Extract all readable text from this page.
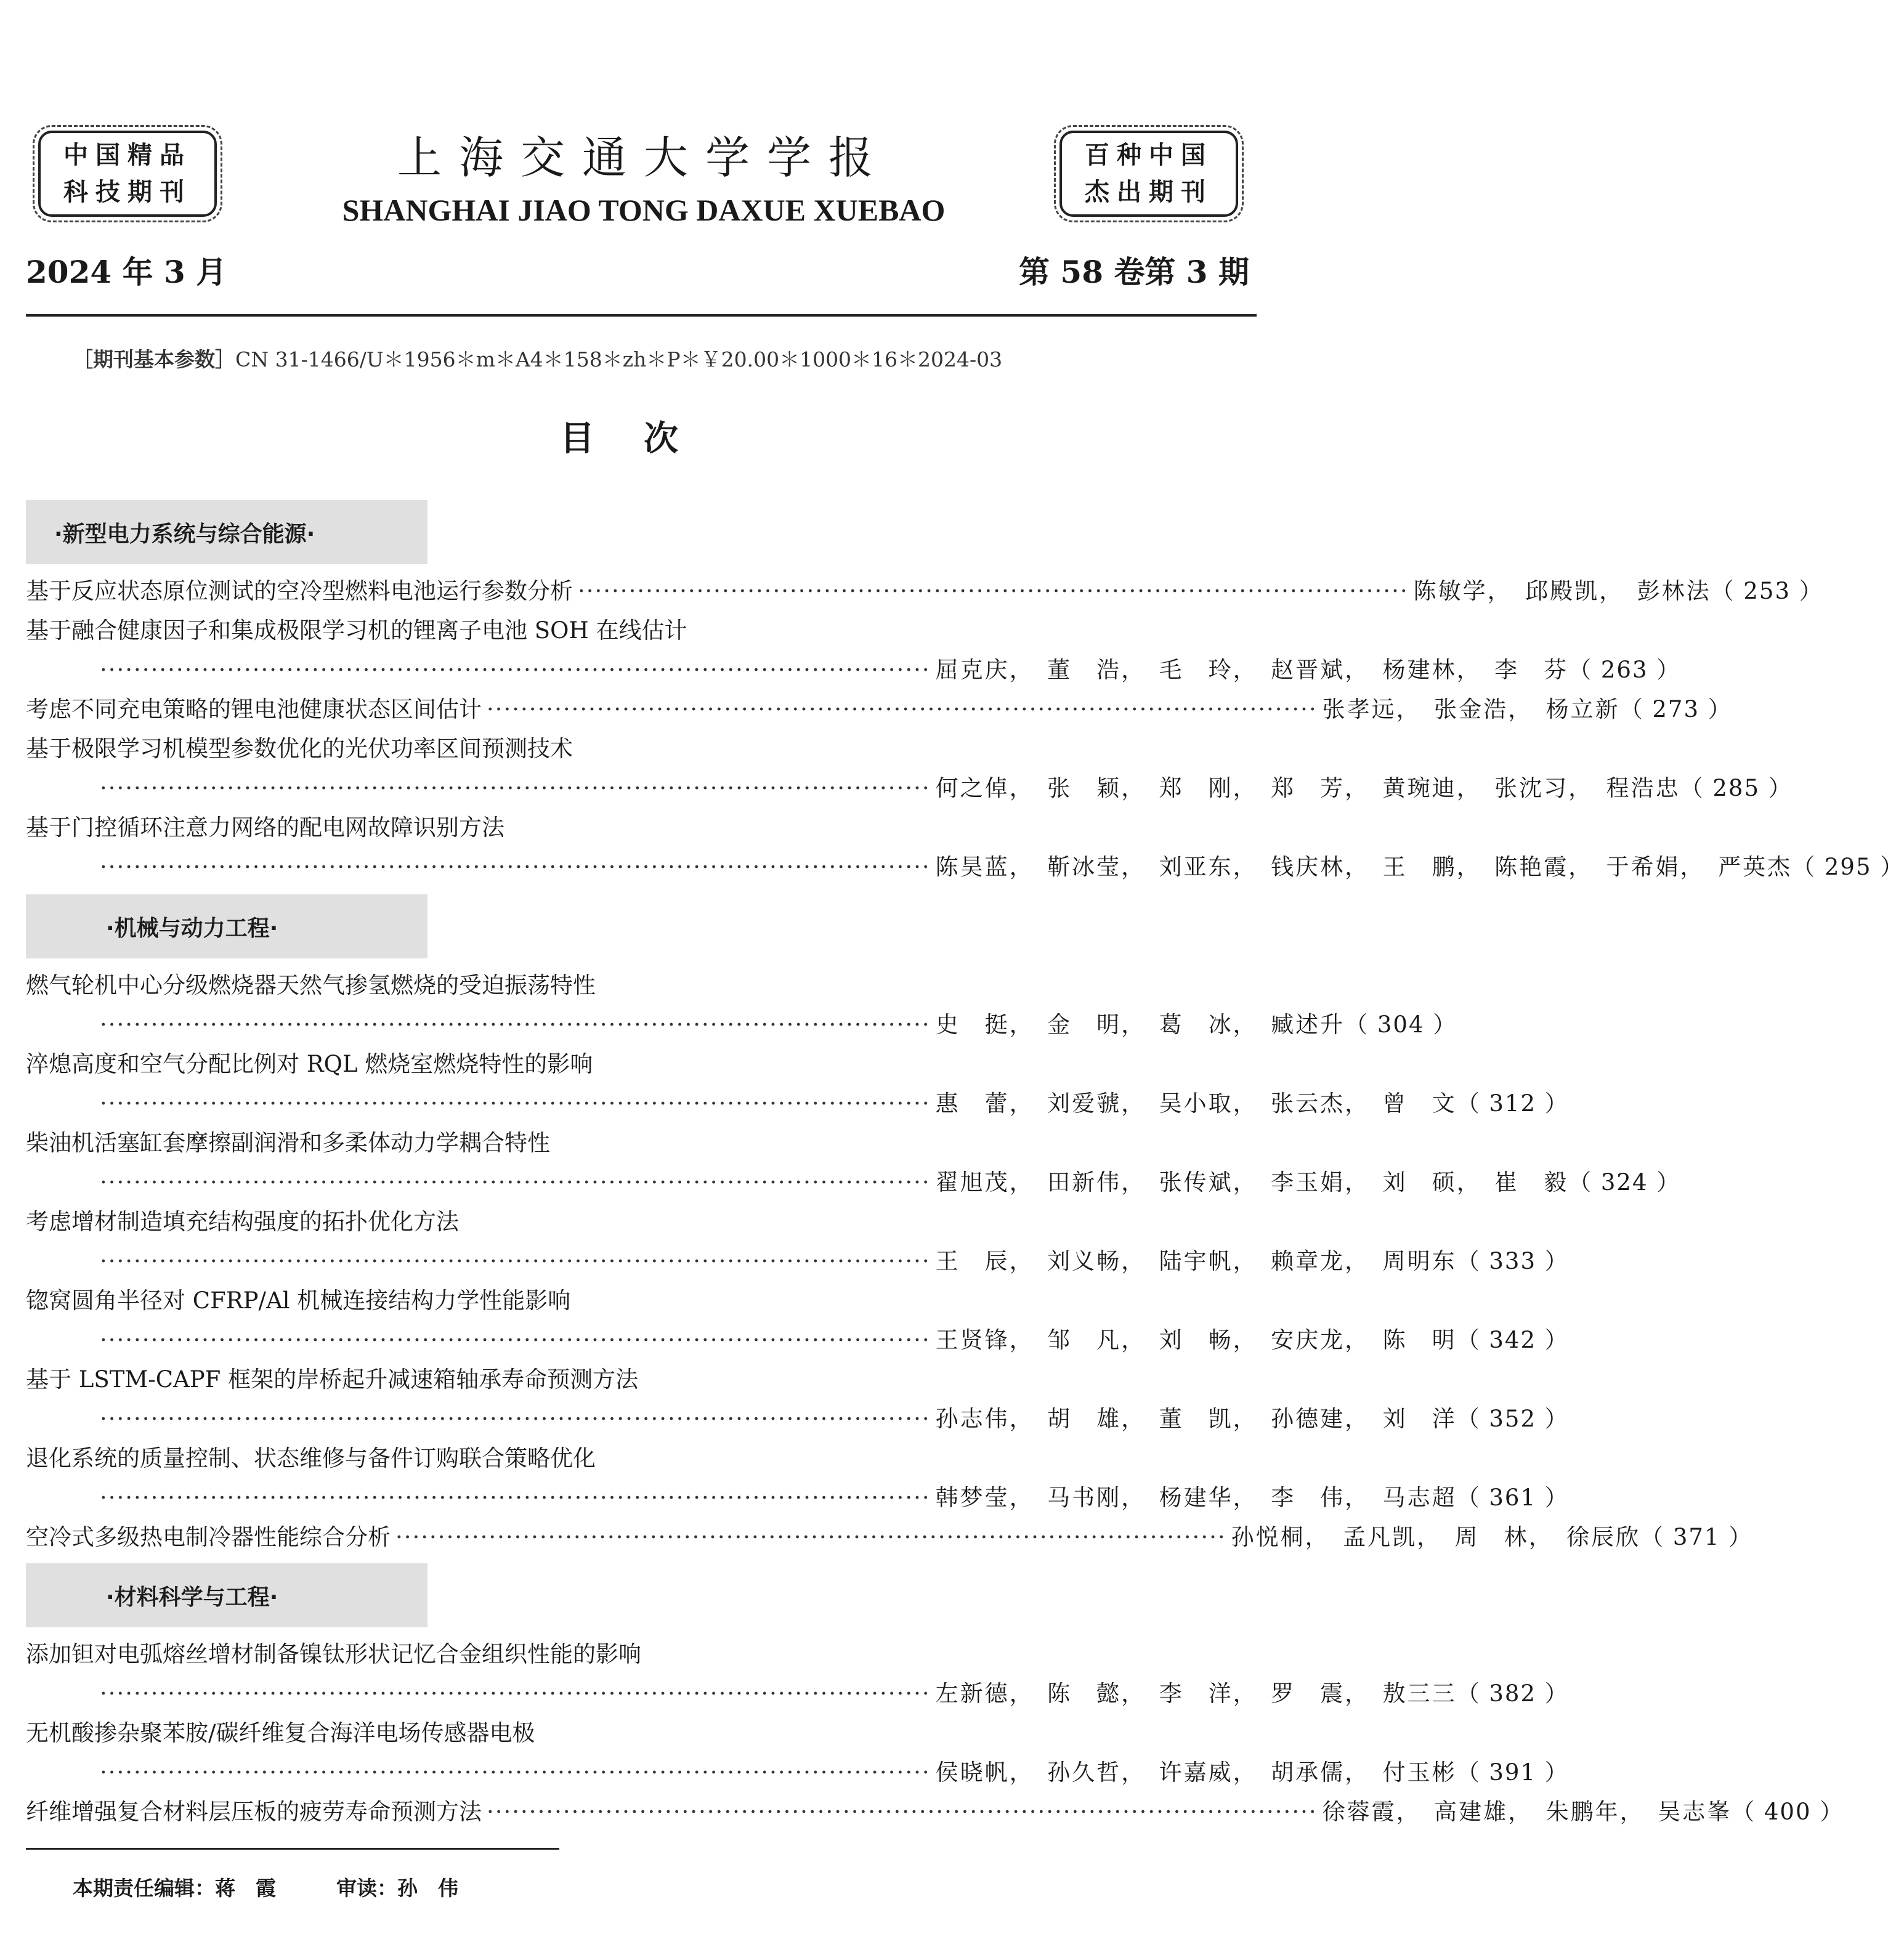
中国精品
科技期刊
百种中国
杰出期刊
上海交通大学学报
SHANGHAI JIAO TONG DAXUE XUEBAO
2024 年 3 月	第 58 卷第 3 期
［期刊基本参数］CN 31-1466/U＊1956＊m＊A4＊158＊zh＊P＊￥20.00＊1000＊16＊2024-03
目次
·新型电力系统与综合能源·
基于反应状态原位测试的空冷型燃料电池运行参数分析 ·································································································· 陈敏学，　邱殿凯，　彭林法 （ 253 ）
基于融合健康因子和集成极限学习机的锂离子电池 SOH 在线估计
·································································································· 屈克庆，　董　浩，　毛　玲，　赵晋斌，　杨建林，　李　芬 （ 263 ）
考虑不同充电策略的锂电池健康状态区间估计 ·································································································· 张孝远，　张金浩，　杨立新 （ 273 ）
基于极限学习机模型参数优化的光伏功率区间预测技术
·································································································· 何之倬，　张　颖，　郑　刚，　郑　芳，　黄琬迪，　张沈习，　程浩忠 （ 285 ）
基于门控循环注意力网络的配电网故障识别方法
·································································································· 陈昊蓝，　靳冰莹，　刘亚东，　钱庆林，　王　鹏，　陈艳霞，　于希娟，　严英杰 （ 295 ）
·机械与动力工程·
燃气轮机中心分级燃烧器天然气掺氢燃烧的受迫振荡特性
·································································································· 史　挺，　金　明，　葛　冰，　臧述升 （ 304 ）
淬熄高度和空气分配比例对 RQL 燃烧室燃烧特性的影响
·································································································· 惠　蕾，　刘爱虢，　吴小取，　张云杰，　曾　文 （ 312 ）
柴油机活塞缸套摩擦副润滑和多柔体动力学耦合特性
·································································································· 翟旭茂，　田新伟，　张传斌，　李玉娟，　刘　硕，　崔　毅 （ 324 ）
考虑增材制造填充结构强度的拓扑优化方法
·································································································· 王　辰，　刘义畅，　陆宇帆，　赖章龙，　周明东 （ 333 ）
锪窝圆角半径对 CFRP/Al 机械连接结构力学性能影响
·································································································· 王贤锋，　邹　凡，　刘　畅，　安庆龙，　陈　明 （ 342 ）
基于 LSTM-CAPF 框架的岸桥起升减速箱轴承寿命预测方法
·································································································· 孙志伟，　胡　雄，　董　凯，　孙德建，　刘　洋 （ 352 ）
退化系统的质量控制、状态维修与备件订购联合策略优化
·································································································· 韩梦莹，　马书刚，　杨建华，　李　伟，　马志超 （ 361 ）
空冷式多级热电制冷器性能综合分析 ·································································································· 孙悦桐，　孟凡凯，　周　林，　徐辰欣 （ 371 ）
·材料科学与工程·
添加钽对电弧熔丝增材制备镍钛形状记忆合金组织性能的影响
·································································································· 左新德，　陈　懿，　李　洋，　罗　震，　敖三三 （ 382 ）
无机酸掺杂聚苯胺/碳纤维复合海洋电场传感器电极
·································································································· 侯晓帆，　孙久哲，　许嘉威，　胡承儒，　付玉彬 （ 391 ）
纤维增强复合材料层压板的疲劳寿命预测方法 ·································································································· 徐蓉霞，　高建雄，　朱鹏年，　吴志峯 （ 400 ）
本期责任编辑：蒋　霞	审读：孙　伟
